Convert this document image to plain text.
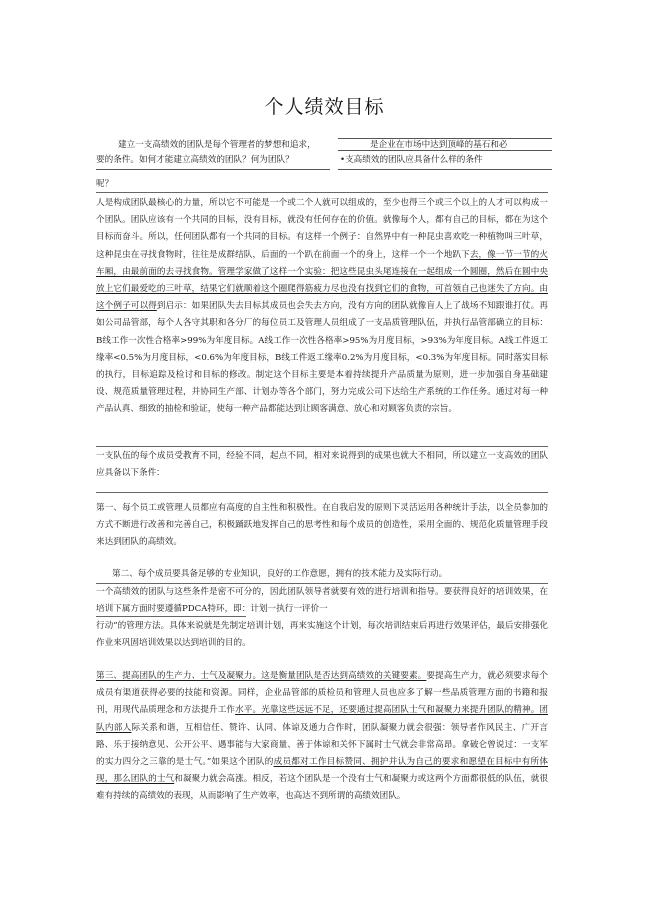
个人绩效目标
建立一支高绩效的团队是每个管理者的梦想和追求，	是企业在市场中达到顶峰的基石和必
要的条件。如何才能建立高绩效的团队？何为团队？	•支高绩效的团队应具备什么样的条件
呢？

人是构成团队最核心的力量，所以它不可能是一个或二个人就可以组成的，至少也得三个或三个以上的人才可以构成一个团队。团队应该有一个共同的目标，没有目标，就没有任何存在的价值。就像每个人，都有自己的目标，都在为这个目标而奋斗。所以，任何团队都有一个共同的目标。有这样一个例子：自然界中有一种昆虫喜欢吃一种植物叫三叶草，这种昆虫在寻找食物时，往往是成群结队，后面的一个趴在前面一个的身上，这样一个一个地趴下去，像一节一节的火车厢，由最前面的去寻找食物。管理学家做了这样一个实验：把这些昆虫头尾连接在一起组成一个圆圈，然后在圆中央放上它们最爱吃的三叶草，结果它们就顺着这个圈爬得筋疲力尽也没有找到它们的食物，可首领自己也迷失了方向。由这个例子可以得到启示：如果团队失去目标其成员也会失去方向，没有方向的团队就像盲人上了战场不知跟谁打仗。再如公司品管部，每个人各守其职和各分厂的每位员工及管理人员组成了一支品质管理队伍，并执行品管部确立的目标：B线工作一次性合格率>99%为年度目标。A线工作一次性各格率>95%为月度目标，>93%为年度目标。A线工件返工缘率<0.5%为月度目标，<0.6%为年度目标，B线工件返工缘率0.2%为月度目标，<0.3%为年度目标。同时落实目标的执行，目标追踪及检讨和目标的修改。制定这个目标主要是本着持续提升产品质量为原则，进一步加强自身基础建设、规范质量管理过程，并协同生产部、计划办等各个部门，努力完成公司下达给生产系统的工作任务。通过对每一种产品认真、细致的抽检和验证，使每一种产品都能达到让顾客满意、放心和对顾客负责的宗旨。

一支队伍的每个成员受教育不同，经验不同，起点不同，相对来说得到的成果也就大不相同，所以建立一支高效的团队应具备以下条件：

第一、每个员工或管理人员都应有高度的自主性和积极性。在自我启发的原则下灵活运用各种统计手法，以全员参加的方式不断进行改善和完善自己，积极踊跃地发挥自己的思考性和每个成员的创造性，采用全面的、规范化质量管理手段来达到团队的高绩效。

第二、每个成员要具备足够的专业知识，良好的工作意愿，拥有的技术能力及实际行动。

一个高绩效的团队与这些条件是密不可分的，因此团队领导者就要有效的进行培训和指导。要获得良好的培训效果，在培训下属方面时要遵循PDCA特环，即：计划一执行一评价一

行动”的管理方法。具体来说就是先制定培训计划，再来实施这个计划，每次培训结束后再进行效果评估，最后安排强化作业来巩固培训效果以达到培训的目的。

第三、提高团队的生产力、士气及凝聚力。这是衡量团队是否达到高绩效的关键要素。要提高生产力，就必须要求每个成员有渠道获得必要的技能和资源。同样，企业品管部的质检员和管理人员也应多了解一些品质管理方面的书籍和报刊，用现代品质理念和方法提升工作水平。光靠这些远远不足，还要通过提高团队士气和凝聚力来提升团队的精神。团队内部人际关系和谐，互相信任、赞许、认同、体谅及通力合作时，团队凝聚力就会很强：领导者作风民主、广开言路、乐于接纳意见、公开公平、遇事能与大家商量、善于体谅和关怀下属时士气就会非常高昂。拿破仑曾说过：一支军的实力四分之三靠的是士气。”如果这个团队的成员都对工作目标赞同、拥护并认为自己的要求和愿望在目标中有所体现，那么团队的士气和凝聚力就会高涨。相反，若这个团队是一个没有士气和凝聚力或这两个方面都很低的队伍，就很难有持续的高绩效的表现，从而影响了生产效率，也高达不到所谓的高绩效团队。
